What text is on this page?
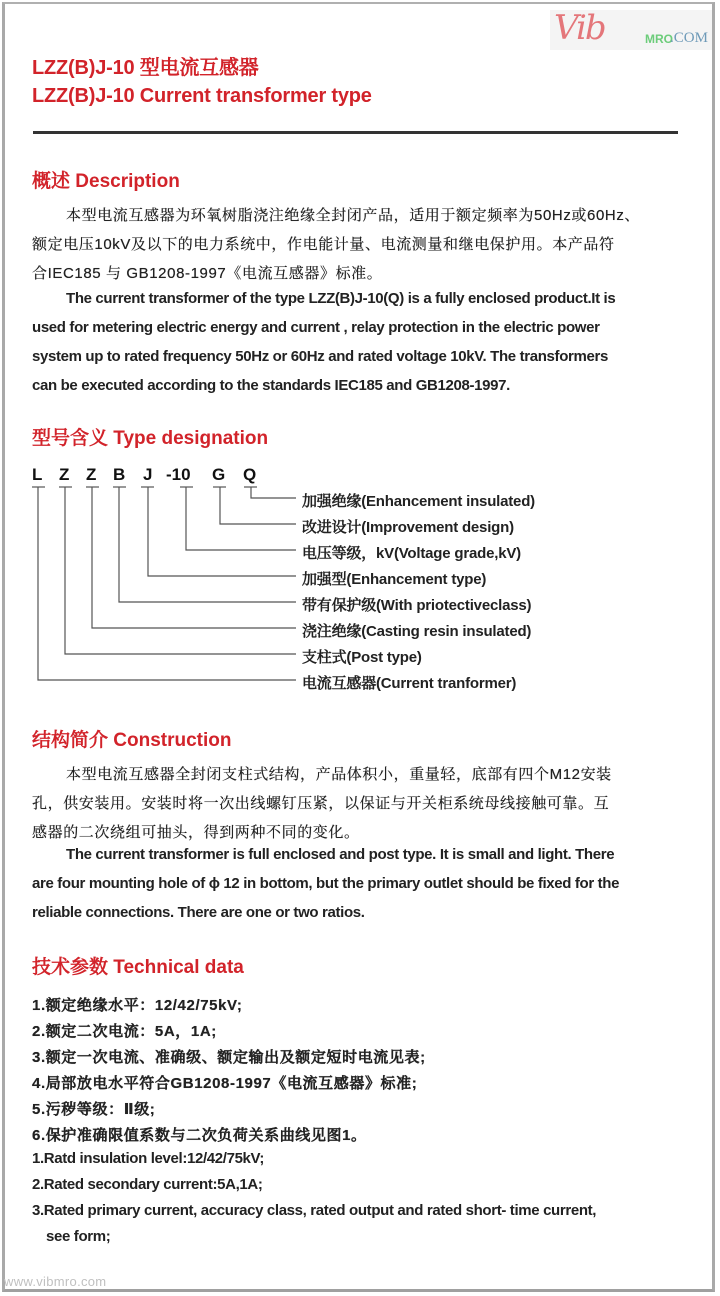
Vib	MRO
.COM
LZZ(B)J-10 型电流互感器
LZZ(B)J-10 Current transformer type
概述 Description
本型电流互感器为环氧树脂浇注绝缘全封闭产品，适用于额定频率为50Hz或60Hz、
额定电压10kV及以下的电力系统中，作电能计量、电流测量和继电保护用。本产品符
合IEC185 与 GB1208-1997《电流互感器》标准。
The current transformer of the type LZZ(B)J-10(Q) is a fully enclosed product.It is
used for metering electric energy and current , relay protection in the electric power
system up to rated frequency 50Hz or 60Hz and rated voltage 10kV. The transformers
can be executed according to the standards IEC185 and GB1208-1997.
型号含义 Type designation
L Z Z B J -10 G Q
加强绝缘(Enhancement insulated)
改进设计(Improvement design)
电压等级，kV(Voltage grade,kV)
加强型(Enhancement type)
带有保护级(With priotectiveclass)
浇注绝缘(Casting resin insulated)
支柱式(Post type)
电流互感器(Current tranformer)
结构简介 Construction
本型电流互感器全封闭支柱式结构，产品体积小，重量轻，底部有四个M12安装
孔，供安装用。安装时将一次出线螺钉压紧，以保证与开关柜系统母线接触可靠。互
感器的二次绕组可抽头，得到两种不同的变化。
The current transformer is full enclosed and post type. It is small and light. There
are four mounting hole of ϕ 12 in bottom, but the primary outlet should be fixed for the
reliable connections. There are one or two ratios.
技术参数 Technical data
1.额定绝缘水平：12/42/75kV;
2.额定二次电流：5A，1A;
3.额定一次电流、准确级、额定输出及额定短时电流见表;
4.局部放电水平符合GB1208-1997《电流互感器》标准;
5.污秽等级：Ⅱ级;
6.保护准确限值系数与二次负荷关系曲线见图1。
1.Ratd insulation level:12/42/75kV;
2.Rated secondary current:5A,1A;
3.Rated primary current, accuracy class, rated output and rated short- time current,
see form;
www.vibmro.com
